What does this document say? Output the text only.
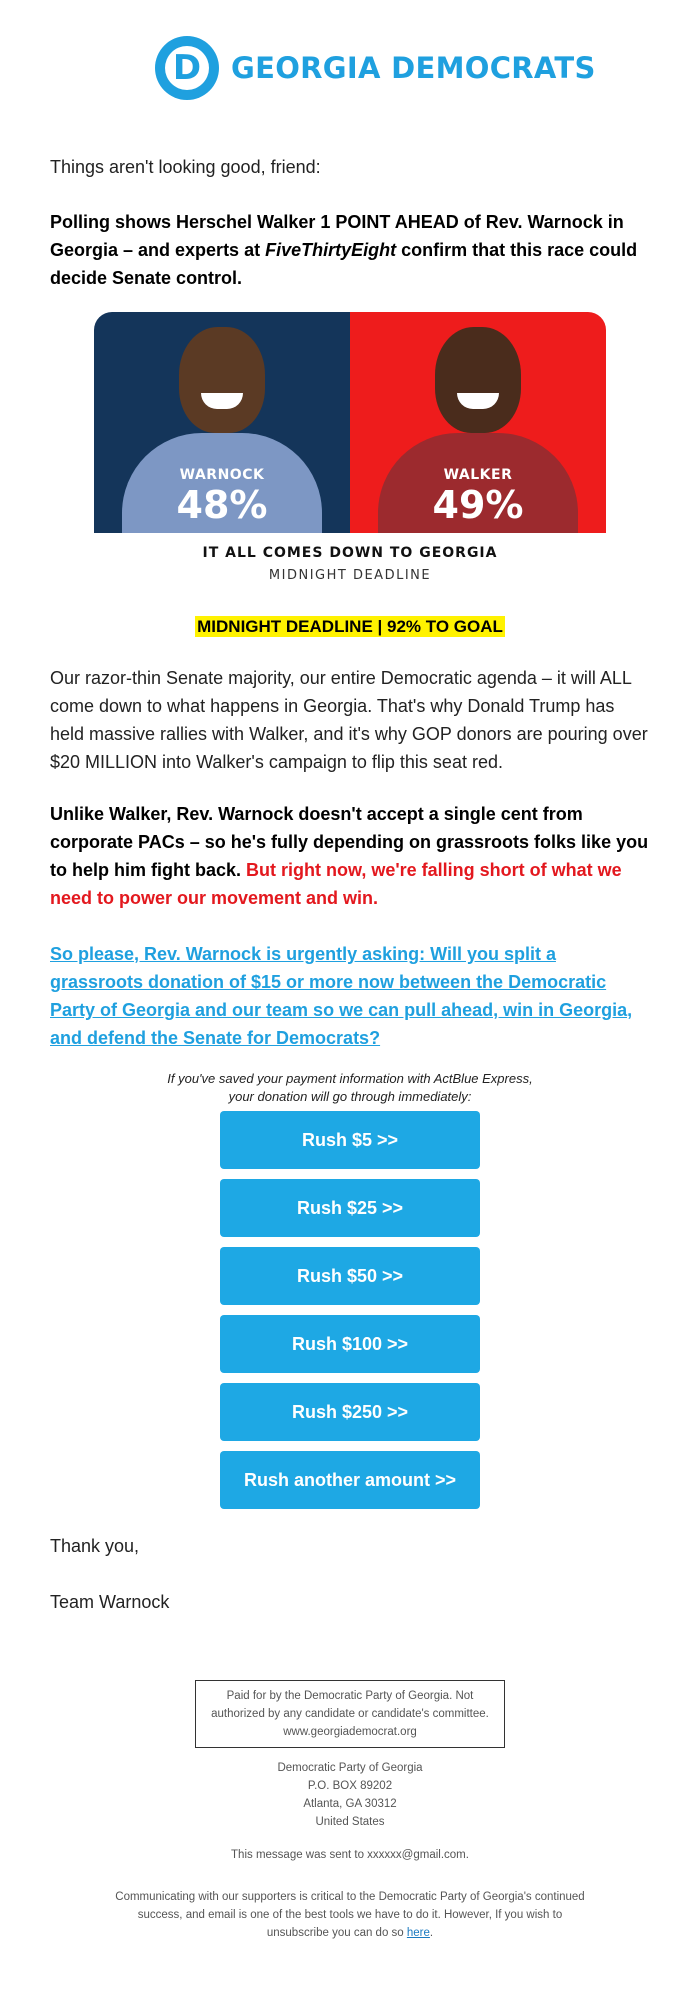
D	GEORGIA DEMOCRATS
Things aren't looking good, friend:
Polling shows Herschel Walker 1 POINT AHEAD of Rev. Warnock in Georgia – and experts at FiveThirtyEight confirm that this race could decide Senate control.
WARNOCK
48%
WALKER
49%
IT ALL COMES DOWN TO GEORGIA
MIDNIGHT DEADLINE
MIDNIGHT DEADLINE | 92% TO GOAL
Our razor-thin Senate majority, our entire Democratic agenda – it will ALL come down to what happens in Georgia. That's why Donald Trump has held massive rallies with Walker, and it's why GOP donors are pouring over $20 MILLION into Walker's campaign to flip this seat red.
Unlike Walker, Rev. Warnock doesn't accept a single cent from corporate PACs – so he's fully depending on grassroots folks like you to help him fight back. But right now, we're falling short of what we need to power our movement and win.
So please, Rev. Warnock is urgently asking: Will you split a grassroots donation of $15 or more now between the Democratic Party of Georgia and our team so we can pull ahead, win in Georgia, and defend the Senate for Democrats?
If you've saved your payment information with ActBlue Express,
your donation will go through immediately:
Rush $5 >>
Rush $25 >>
Rush $50 >>
Rush $100 >>
Rush $250 >>
Rush another amount >>
Thank you,
Team Warnock
Paid for by the Democratic Party of Georgia. Not
authorized by any candidate or candidate's committee.
www.georgiademocrat.org
Democratic Party of Georgia
P.O. BOX 89202
Atlanta, GA 30312
United States
This message was sent to xxxxxx@gmail.com.
Communicating with our supporters is critical to the Democratic Party of Georgia's continued
success, and email is one of the best tools we have to do it. However, If you wish to
unsubscribe you can do so here.
